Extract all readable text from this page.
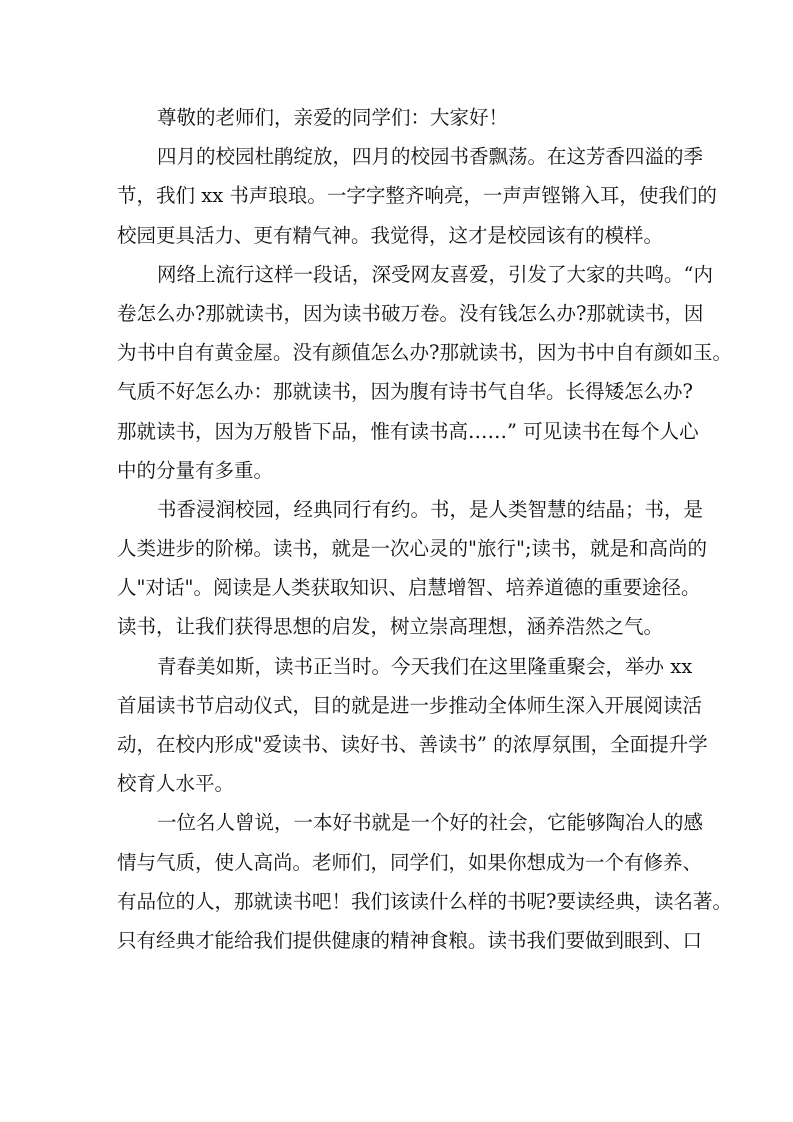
尊敬的老师们，亲爱的同学们：大家好！
四月的校园杜鹃绽放，四月的校园书香飘荡。在这芳香四溢的季
节，我们 xx 书声琅琅。一字字整齐响亮，一声声铿锵入耳，使我们的
校园更具活力、更有精气神。我觉得，这才是校园该有的模样。
网络上流行这样一段话，深受网友喜爱，引发了大家的共鸣。“内
卷怎么办?那就读书，因为读书破万卷。没有钱怎么办?那就读书，因
为书中自有黄金屋。没有颜值怎么办?那就读书，因为书中自有颜如玉。
气质不好怎么办：那就读书，因为腹有诗书气自华。长得矮怎么办?
那就读书，因为万般皆下品，惟有读书高……” 可见读书在每个人心
中的分量有多重。
书香浸润校园，经典同行有约。书，是人类智慧的结晶；书，是
人类进步的阶梯。读书，就是一次心灵的"旅行";读书，就是和高尚的
人"对话"。阅读是人类获取知识、启慧增智、培养道德的重要途径。
读书，让我们获得思想的启发，树立崇高理想，涵养浩然之气。
青春美如斯，读书正当时。今天我们在这里隆重聚会，举办 xx
首届读书节启动仪式，目的就是进一步推动全体师生深入开展阅读活
动，在校内形成"爱读书、读好书、善读书” 的浓厚氛围，全面提升学
校育人水平。
一位名人曾说，一本好书就是一个好的社会，它能够陶冶人的感
情与气质，使人高尚。老师们，同学们，如果你想成为一个有修养、
有品位的人，那就读书吧！我们该读什么样的书呢?要读经典，读名著。
只有经典才能给我们提供健康的精神食粮。读书我们要做到眼到、口
